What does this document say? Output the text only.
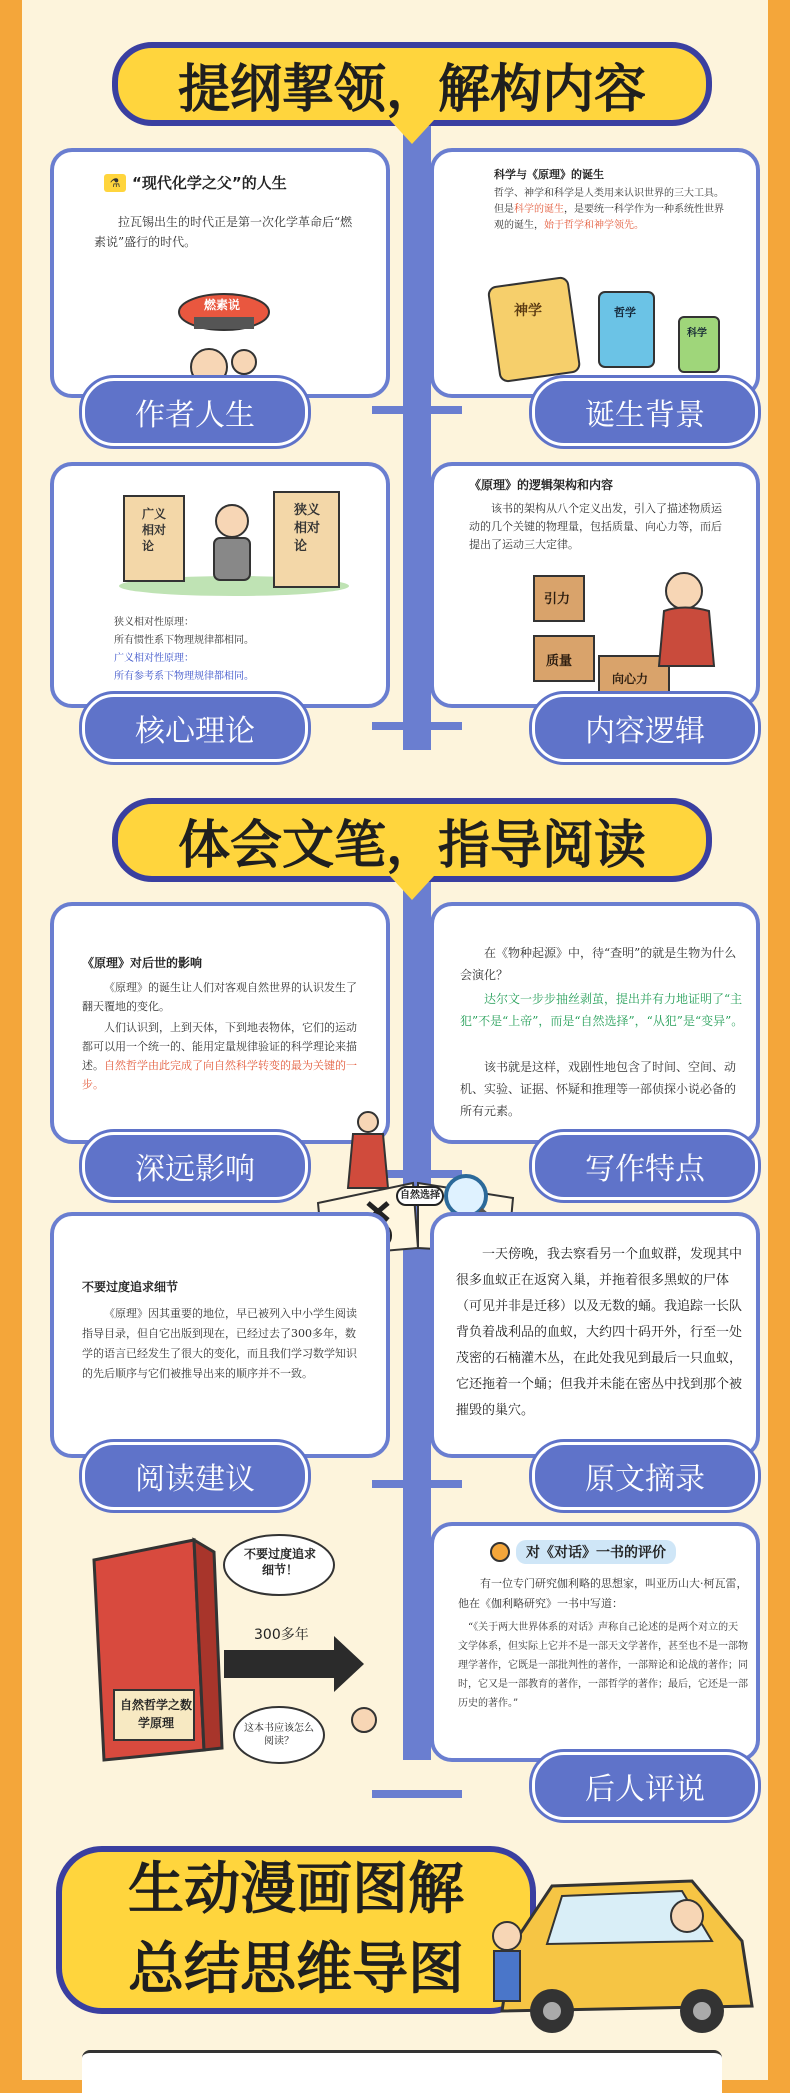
提纲挈领，解构内容
⚗ “现代化学之父”的人生

拉瓦锡出生的时代正是第一次化学革命后“燃素说”盛行的时代。

燃素说
作者人生
科学与《原理》的诞生

哲学、神学和科学是人类用来认识世界的三大工具。但是科学的诞生，是要统一科学作为一种系统性世界观的诞生，始于哲学和神学领先。

神学	哲学
科学
诞生背景
广义相对论
狭义相对论
狭义相对性原理：
所有惯性系下物理规律都相同。
广义相对性原理：
所有参考系下物理规律都相同。
核心理论
《原理》的逻辑架构和内容

该书的架构从八个定义出发，引入了描述物质运动的几个关键的物理量，包括质量、向心力等，而后提出了运动三大定律。

引力
质量
向心力
内容逻辑
体会文笔，指导阅读
《原理》对后世的影响

《原理》的诞生让人们对客观自然世界的认识发生了翻天覆地的变化。

人们认识到，上到天体，下到地表物体，它们的运动都可以用一个统一的、能用定量规律验证的科学理论来描述。自然哲学由此完成了向自然科学转变的最为关键的一步。

深远影响

在《物种起源》中，待“查明”的就是生物为什么会演化？

达尔文一步步抽丝剥茧，提出并有力地证明了“主犯”不是“上帝”，而是“自然选择”，“从犯”是“变异”。

该书就是这样，戏剧性地包含了时间、空间、动机、实验、证据、怀疑和推理等一部侦探小说必备的所有元素。

写作特点
自然选择
不要过度追求细节

《原理》因其重要的地位，早已被列入中小学生阅读指导目录，但自它出版到现在，已经过去了300多年，数学的语言已经发生了很大的变化，而且我们学习数学知识的先后顺序与它们被推导出来的顺序并不一致。

阅读建议

一天傍晚，我去察看另一个血蚁群，发现其中很多血蚁正在返窝入巢，并拖着很多黑蚁的尸体（可见并非是迁移）以及无数的蛹。我追踪一长队背负着战利品的血蚁，大约四十码开外，行至一处茂密的石楠灌木丛，在此处我见到最后一只血蚁，它还拖着一个蛹；但我并未能在密丛中找到那个被摧毁的巢穴。

原文摘录
自然哲学之数学原理
300多年
不要过度追求细节！
这本书应该怎么阅读？
对《对话》一书的评价

有一位专门研究伽利略的思想家，叫亚历山大·柯瓦雷，他在《伽利略研究》一书中写道：

“《关于两大世界体系的对话》声称自己论述的是两个对立的天文学体系，但实际上它并不是一部天文学著作，甚至也不是一部物理学著作，它既是一部批判性的著作，一部辩论和论战的著作；同时，它又是一部教育的著作，一部哲学的著作；最后，它还是一部历史的著作。”

后人评说
生动漫画图解
总结思维导图
